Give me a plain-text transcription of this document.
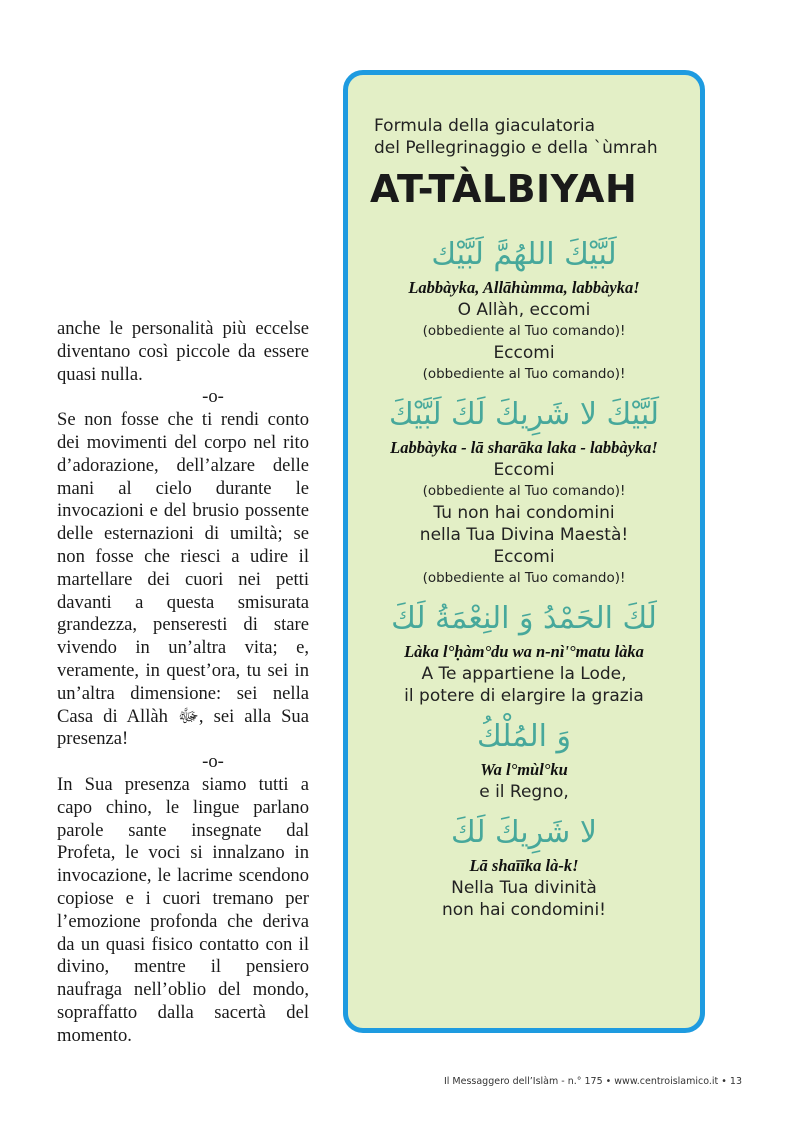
anche le personalità più eccelse diventano così piccole da essere quasi nulla.

-o-

Se non fosse che ti rendi conto dei movimenti del corpo nel rito d’adorazione, dell’alzare delle mani al cielo durante le invocazioni e del brusio possente delle esternazioni di umiltà; se non fosse che riesci a udire il martellare dei cuori nei petti davanti a questa smisurata grandezza, penseresti di stare vivendo in un’altra vita; e, veramente, in quest’ora, tu sei in un’altra dimensione: sei nella Casa di Allàh ﷻ, sei alla Sua presenza!

-o-

In Sua presenza siamo tutti a capo chino, le lingue parlano parole sante insegnate dal Profeta, le voci si innalzano in invocazione, le lacrime scendono copiose e i cuori tremano per l’emozione profonda che deriva da un quasi fisico contatto con il divino, mentre il pensiero naufraga nell’oblio del mondo, sopraffatto dalla sacertà del momento.

Formula della giaculatoria
del Pellegrinaggio e della `ùmrah
AT-TÀLBIYAH
لَبَّيْكَ اللهُمَّ لَبَّيْك
Labbàyka, Allāhùmma, labbàyka!
O Allàh, eccomi
(obbediente al Tuo comando)!
Eccomi
(obbediente al Tuo comando)!
لَبَّيْكَ لا شَرِيكَ لَكَ لَبَّيْكَ
Labbàyka - lā sharāka laka - labbàyka!
Eccomi
(obbediente al Tuo comando)!
Tu non hai condomini
nella Tua Divina Maestà!
Eccomi
(obbediente al Tuo comando)!
لَكَ الحَمْدُ وَ النِعْمَةُ لَكَ
Làka l°ḥàm°du wa n-nì'°matu làka
A Te appartiene la Lode,
il potere di elargire la grazia
وَ المُلْكُ
Wa l°mùl°ku
e il Regno,
لا شَرِيكَ لَكَ
Lā shaīīka là-k!
Nella Tua divinità
non hai condomini!
Il Messaggero dell’Islàm - n.° 175 • www.centroislamico.it • 13
